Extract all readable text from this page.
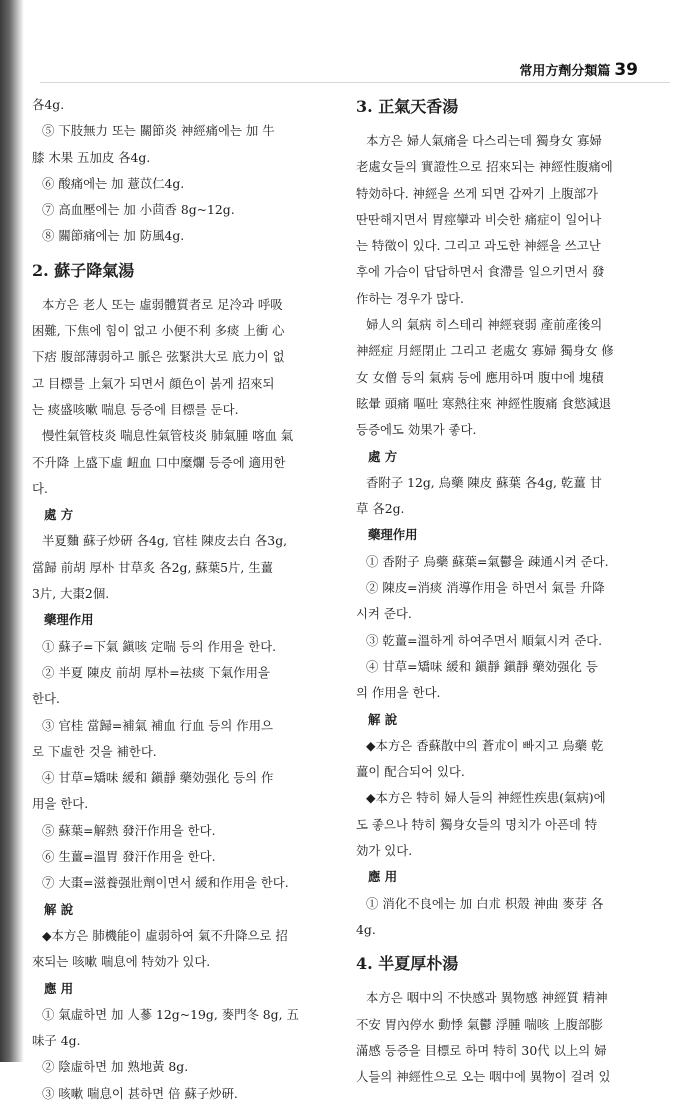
常用方劑分類篇 39
各4g.
⑤ 下肢無力 또는 關節炎 神經痛에는 加 牛
膝 木果 五加皮 各4g.
⑥ 酸痛에는 加 薏苡仁4g.
⑦ 高血壓에는 加 小茴香 8g~12g.
⑧ 關節痛에는 加 防風4g.
2. 蘇子降氣湯
本方은 老人 또는 虛弱體質者로 足冷과 呼吸
困難, 下焦에 힘이 없고 小便不利 多痰 上衝 心
下痞 腹部薄弱하고 脈은 弦緊洪大로 底力이 없
고 目標를 上氣가 되면서 顔色이 붉게 招來되
는 痰盛咳嗽 喘息 등증에 目標를 둔다.
慢性氣管枝炎 喘息性氣管枝炎 肺氣腫 喀血 氣
不升降 上盛下虛 衄血 口中糜爛 등증에 適用한
다.
處 方
半夏麯 蘇子炒硏 各4g, 官桂 陳皮去白 各3g,
當歸 前胡 厚朴 甘草炙 各2g, 蘇葉5片, 生薑
3片, 大棗2個.
藥理作用
① 蘇子=下氣 鎭咳 定喘 등의 作用을 한다.
② 半夏 陳皮 前胡 厚朴=祛痰 下氣作用을
한다.
③ 官桂 當歸=補氣 補血 行血 등의 作用으
로 下虛한 것을 補한다.
④ 甘草=矯味 緩和 鎭靜 藥効强化 등의 作
用을 한다.
⑤ 蘇葉=解熱 發汗作用을 한다.
⑥ 生薑=溫胃 發汗作用을 한다.
⑦ 大棗=滋養强壯劑이면서 緩和作用을 한다.
解 說
◆本方은 肺機能이 虛弱하여 氣不升降으로 招
來되는 咳嗽 喘息에 特効가 있다.
應 用
① 氣虛하면 加 人蔘 12g~19g, 麥門冬 8g, 五
味子 4g.
② 陰虛하면 加 熟地黃 8g.
③ 咳嗽 喘息이 甚하면 倍 蘇子炒硏.
3. 正氣天香湯
本方은 婦人氣痛을 다스리는데 獨身女 寡婦
老處女들의 實證性으로 招來되는 神經性腹痛에
特効하다. 神經을 쓰게 되면 갑짜기 上腹部가
딴딴해지면서 胃痙攣과 비슷한 痛症이 일어나
는 特徵이 있다. 그리고 과도한 神經을 쓰고난
후에 가슴이 답답하면서 食滯를 일으키면서 發
作하는 경우가 많다.
婦人의 氣病 히스테리 神經衰弱 產前產後의
神經症 月經閉止 그리고 老處女 寡婦 獨身女 修
女 女僧 등의 氣病 등에 應用하며 腹中에 塊積
眩暈 頭痛 嘔吐 寒熱往來 神經性腹痛 食慾減退
등증에도 効果가 좋다.
處 方
香附子 12g, 烏藥 陳皮 蘇葉 各4g, 乾薑 甘
草 各2g.
藥理作用
① 香附子 烏藥 蘇葉=氣鬱을 疎通시켜 준다.
② 陳皮=消痰 消導作用을 하면서 氣를 升降
시켜 준다.
③ 乾薑=溫하게 하여주면서 順氣시켜 준다.
④ 甘草=矯味 緩和 鎭靜 鎭靜 藥効强化 등
의 作用을 한다.
解 說
◆本方은 香蘇散中의 蒼朮이 빠지고 烏藥 乾
薑이 配合되어 있다.
◆本方은 特히 婦人들의 神經性疾患(氣病)에
도 좋으나 特히 獨身女들의 명치가 아픈데 特
効가 있다.
應 用
① 消化不良에는 加 白朮 枳殼 神曲 麥芽 各
4g.
4. 半夏厚朴湯
本方은 咽中의 不快感과 異物感 神經質 精神
不安 胃內停水 動悸 氣鬱 浮腫 喘咳 上腹部膨
滿感 등증을 目標로 하며 特히 30代 以上의 婦
人들의 神經性으로 오는 咽中에 異物이 걸려 있
